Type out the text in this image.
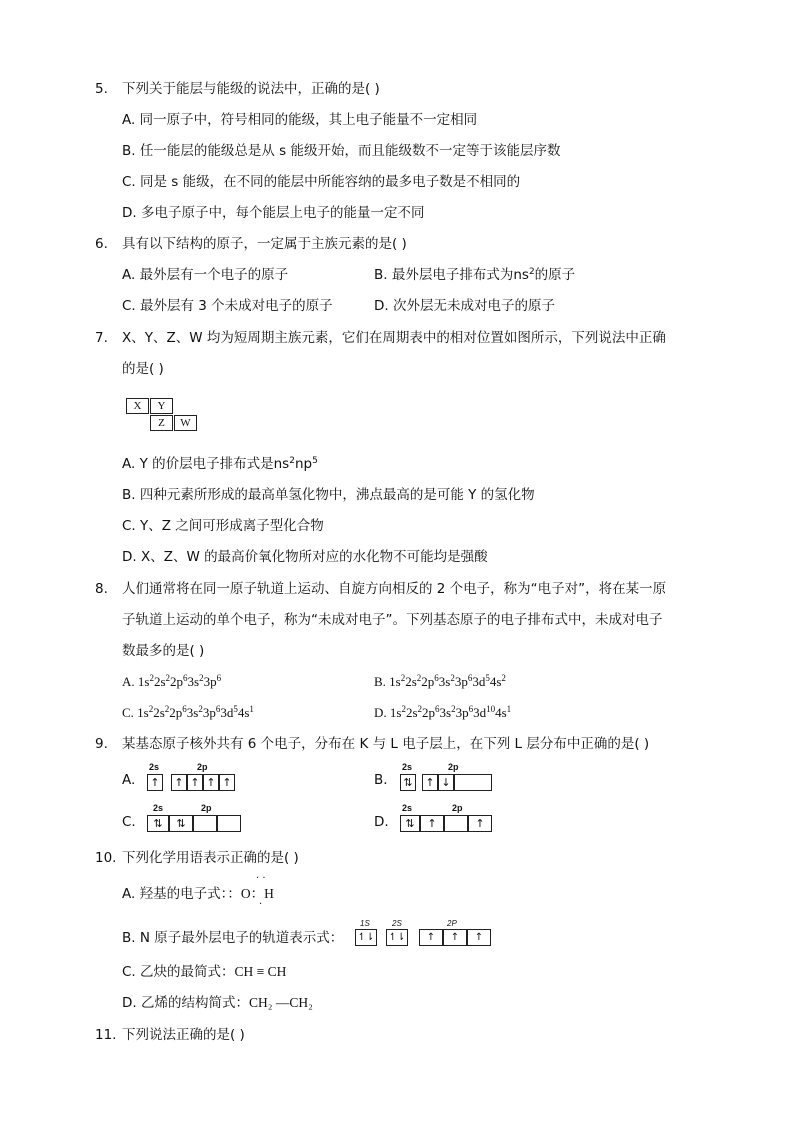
5. 下列关于能层与能级的说法中，正确的是( )
A. 同一原子中，符号相同的能级，其上电子能量不一定相同
B. 任一能层的能级总是从 s 能级开始，而且能级数不一定等于该能层序数
C. 同是 s 能级，在不同的能层中所能容纳的最多电子数是不相同的
D. 多电子原子中，每个能层上电子的能量一定不同
6. 具有以下结构的原子，一定属于主族元素的是( )
A. 最外层有一个电子的原子	B. 最外层电子排布式为$ns^2$的原子
C. 最外层有 3 个未成对电子的原子	D. 次外层无未成对电子的原子
7. X、Y、Z、W 均为短周期主族元素，它们在周期表中的相对位置如图所示，下列说法中正确
的是( )
X	Y
Z	W
A. Y 的价层电子排布式是$ns^2np^5$
B. 四种元素所形成的最高单氢化物中，沸点最高的是可能 Y 的氢化物
C. Y、Z 之间可形成离子型化合物
D. X、Z、W 的最高价氧化物所对应的水化物不可能均是强酸
8. 人们通常将在同一原子轨道上运动、自旋方向相反的 2 个电子，称为“电子对”，将在某一原
子轨道上运动的单个电子，称为“未成对电子”。下列基态原子的电子排布式中，未成对电子
数最多的是( )
A. $1s^22s^22p^63s^23p^6$	B. $1s^22s^22p^63s^23p^63d^54s^2$
C. $1s^22s^22p^63s^23p^63d^54s^1$	D. $1s^22s^22p^63s^23p^63d^{10}4s^1$
9. 某基态原子核外共有 6 个电子，分布在 K 与 L 电子层上，在下列 L 层分布中正确的是( )
A.
2s	2p
↑	↑ ↑ ↑ ↑	B.
2s	2p
⇅	↑ ↓
C.
2s	2p
⇅	⇅	D.
2s	2p
⇅	↑	↑
10. 下列化学用语表示正确的是( )
A. 羟基的电子式：：O：H
· ·
·
B. N 原子最外层电子的轨道表示式：
1S	2S	2P
↿⇂ ↿⇂	↑	↑	↑
C. 乙炔的最简式：CH ≡ CH
D. 乙烯的结构简式：CH₂ —CH₂
11. 下列说法正确的是( )
